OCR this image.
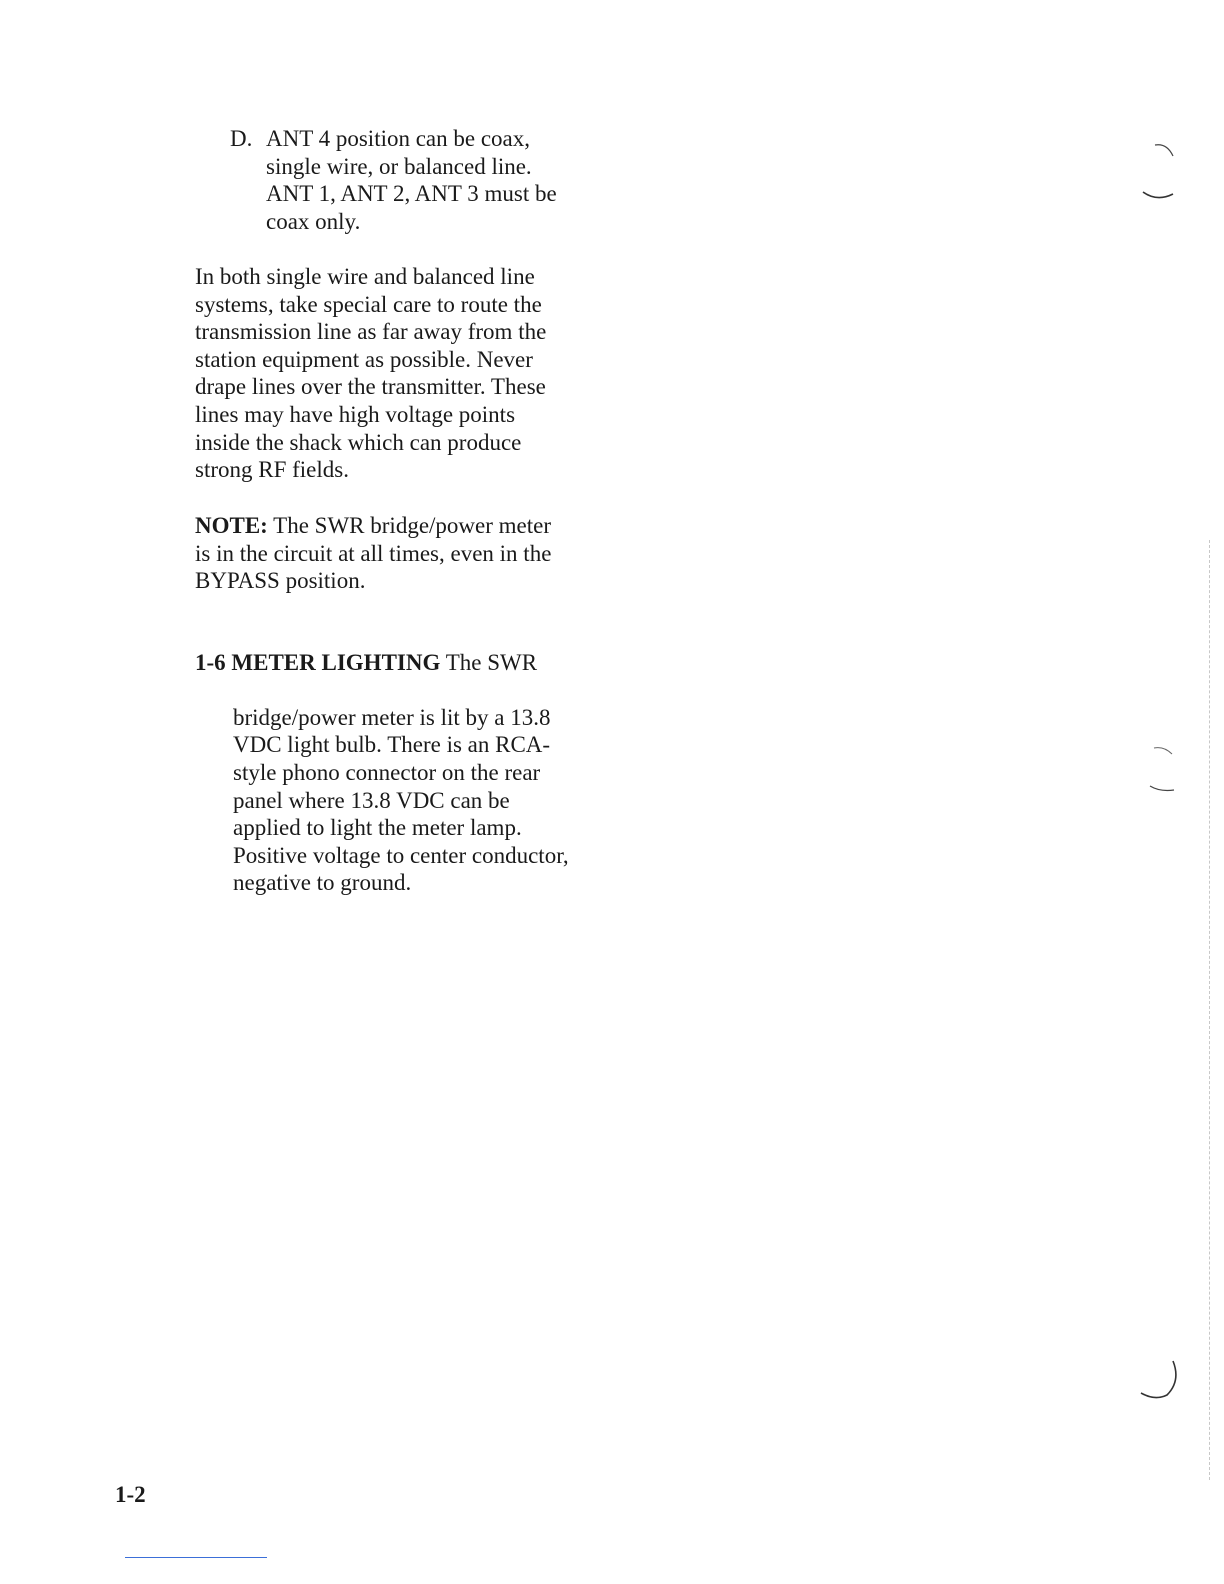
D. ANT 4 position can be coax,
single wire, or balanced line.
ANT 1, ANT 2, ANT 3 must be
coax only.

In both single wire and balanced line
systems, take special care to route the
transmission line as far away from the
station equipment as possible. Never
drape lines over the transmitter. These
lines may have high voltage points
inside the shack which can produce
strong RF fields.
NOTE: The SWR bridge/power meter
is in the circuit at all times, even in the
BYPASS position.

1-6 METER LIGHTING The SWR

bridge/power meter is lit by a 13.8
VDC light bulb. There is an RCA-
style phono connector on the rear
panel where 13.8 VDC can be
applied to light the meter lamp.
Positive voltage to center conductor,
negative to ground.

1-2
